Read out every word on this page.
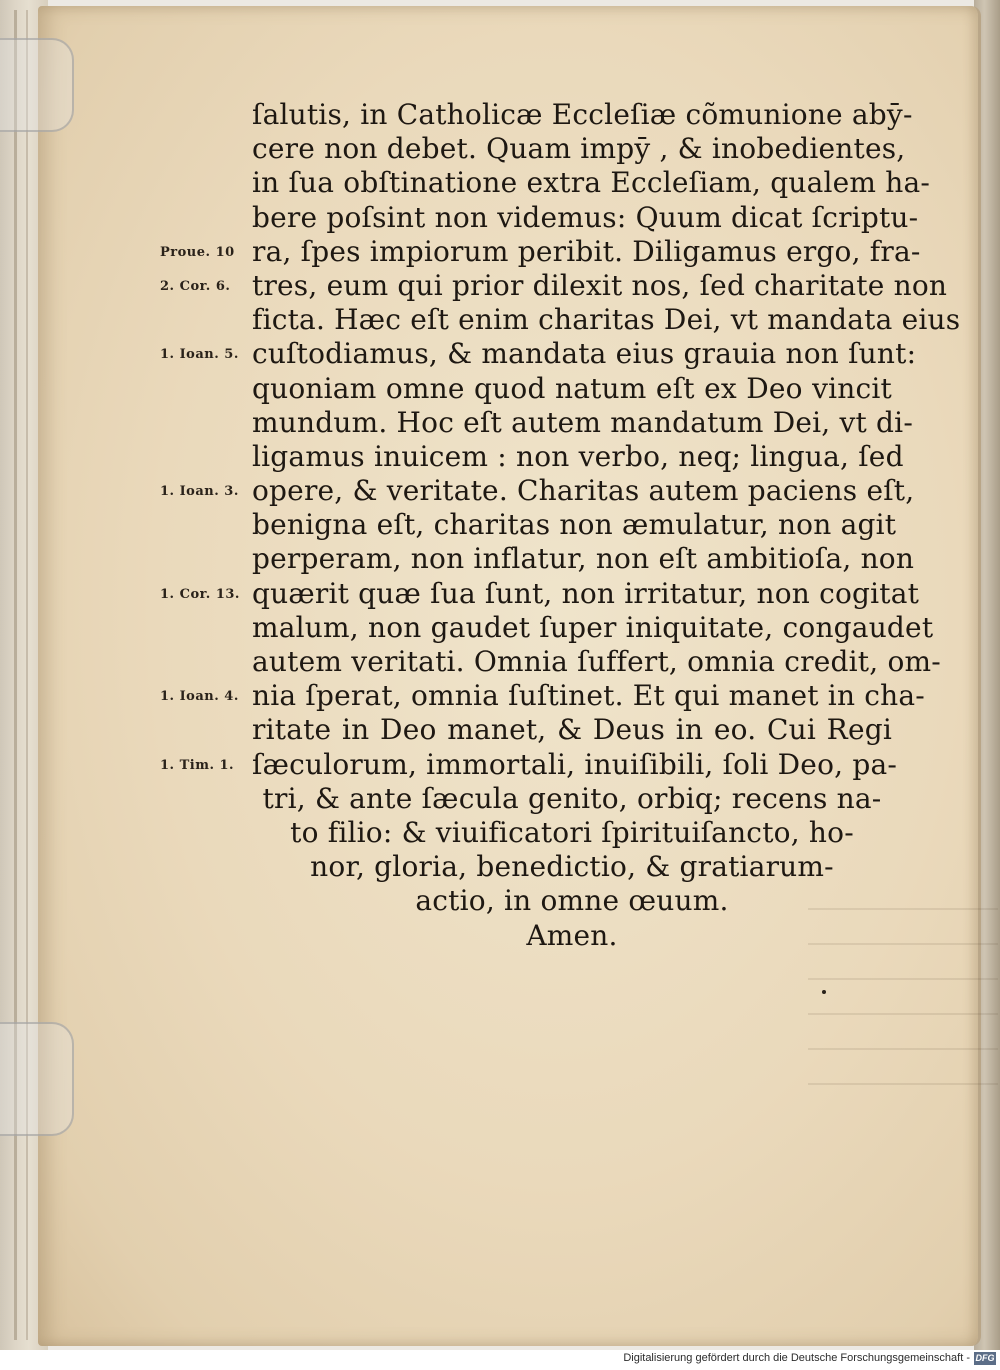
ſalutis, in Catholicæ Eccleſiæ cõmunione abȳ-
cere non debet. Quam impȳ , & inobedientes,
in ſua obſtinatione extra Eccleſiam, qualem ha-
bere poſsint non videmus: Quum dicat ſcriptu-
ra, ſpes impiorum peribit. Diligamus ergo, fra-
tres, eum qui prior dilexit nos, ſed charitate non
ficta. Hæc eſt enim charitas Dei, vt mandata eius
cuſtodiamus, & mandata eius grauia non ſunt:
quoniam omne quod natum eſt ex Deo vincit
mundum. Hoc eſt autem mandatum Dei, vt di-
ligamus inuicem : non verbo, neq; lingua, ſed
opere, & veritate. Charitas autem paciens eſt,
benigna eſt, charitas non æmulatur, non agit
perperam, non inflatur, non eſt ambitioſa, non
quærit quæ ſua ſunt, non irritatur, non cogitat
malum, non gaudet ſuper iniquitate, congaudet
autem veritati. Omnia ſuffert, omnia credit, om-
nia ſperat, omnia ſuſtinet. Et qui manet in cha-
ritate in Deo manet, & Deus in eo. Cui Regi
ſæculorum, immortali, inuiſibili, ſoli Deo, pa-
tri, & ante ſæcula genito, orbiq; recens na-
to filio: & viuificatori ſpirituiſancto, ho-
nor, gloria, benedictio, & gratiarum-
actio, in omne œuum.
Amen.
Proue. 10
2. Cor. 6.
1. Ioan. 5.
1. Ioan. 3.
1. Cor. 13.
1. Ioan. 4.
1. Tim. 1.
Digitalisierung gefördert durch die Deutsche Forschungsgemeinschaft - DFG
